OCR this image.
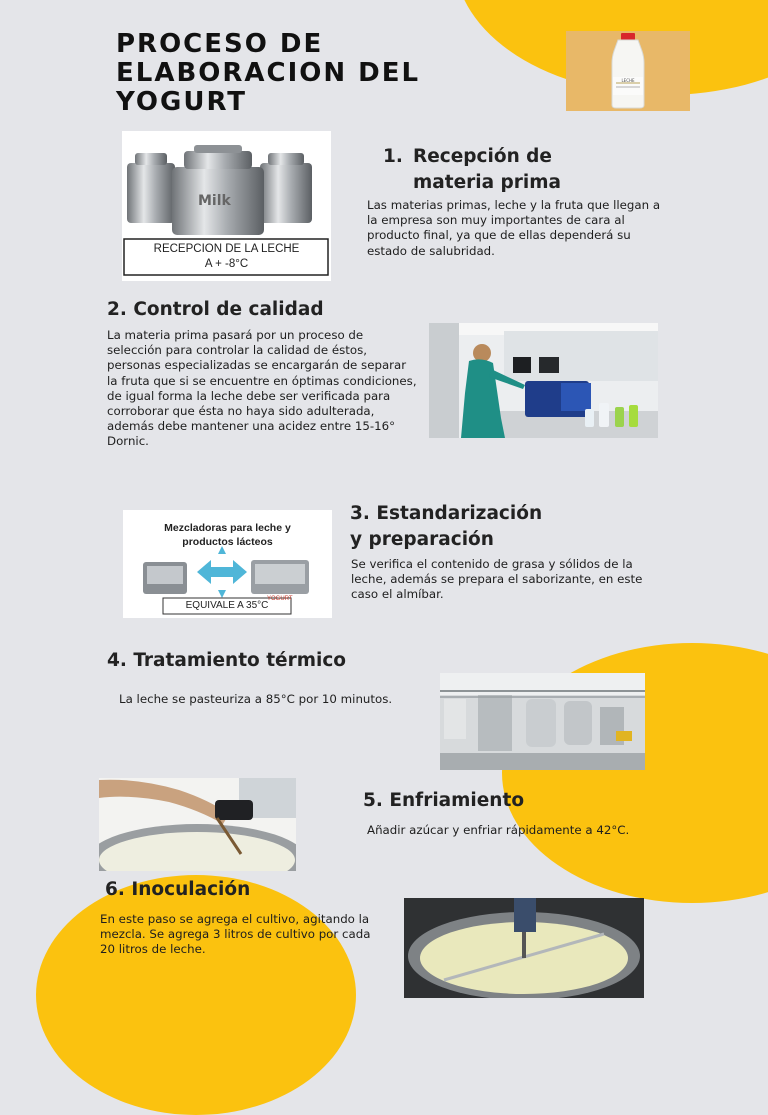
PROCESO DE
ELABORACION DEL
YOGURT
LECHE
Milk
RECEPCION DE LA LECHE
A + -8°C
1. Recepción de
materia prima

Las materias primas, leche y la fruta que llegan a la empresa son muy importantes de cara al producto final, ya que de ellas dependerá su estado de salubridad.

2. Control de calidad

La materia prima pasará por un proceso de selección para controlar la calidad de éstos, personas especializadas se encargarán de separar la fruta que si se encuentre en óptimas condiciones, de igual forma la leche debe ser verificada para corroborar que ésta no haya sido adulterada, además debe mantener una acidez entre 15-16° Dornic.

Mezcladoras para leche y
productos lácteos
YOGURT
EQUIVALE A 35°C
3. Estandarización
y preparación

Se verifica el contenido de grasa y sólidos de la leche, además se prepara el saborizante, en este caso el almíbar.

4. Tratamiento térmico

La leche se pasteuriza a 85°C por 10 minutos.

5. Enfriamiento

Añadir azúcar y enfriar rápidamente a 42°C.

6. Inoculación

En este paso se agrega el cultivo, agitando la mezcla. Se agrega 3 litros de cultivo por cada 20 litros de leche.
